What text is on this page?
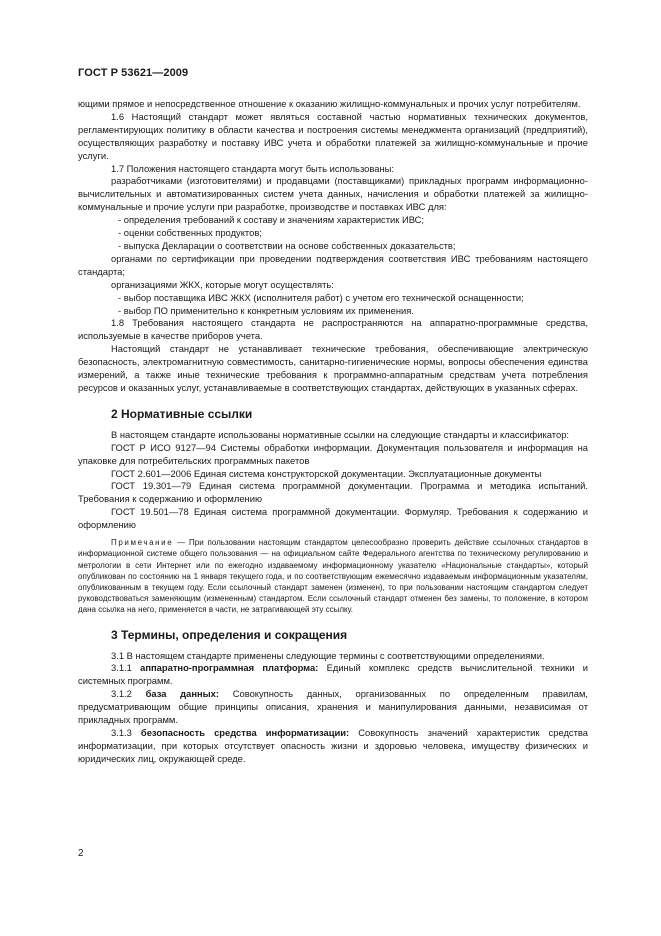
ГОСТ Р 53621—2009

ющими прямое и непосредственное отношение к оказанию жилищно-коммунальных и прочих услуг потребителям.

1.6 Настоящий стандарт может являться составной частью нормативных технических документов, регламентирующих политику в области качества и построения системы менеджмента организаций (предприятий), осуществляющих разработку и поставку ИВС учета и обработки платежей за жилищно-коммунальные и прочие услуги.

1.7 Положения настоящего стандарта могут быть использованы:

разработчиками (изготовителями) и продавцами (поставщиками) прикладных программ информационно-вычислительных и автоматизированных систем учета данных, начисления и обработки платежей за жилищно-коммунальные и прочие услуги при разработке, производстве и поставках ИВС для:

- определения требований к составу и значениям характеристик ИВС;

- оценки собственных продуктов;

- выпуска Декларации о соответствии на основе собственных доказательств;

органами по сертификации при проведении подтверждения соответствия ИВС требованиям настоящего стандарта;

организациями ЖКХ, которые могут осуществлять:

- выбор поставщика ИВС ЖКХ (исполнителя работ) с учетом его технической оснащенности;

- выбор ПО применительно к конкретным условиям их применения.

1.8 Требования настоящего стандарта не распространяются на аппаратно-программные средства, используемые в качестве приборов учета.

Настоящий стандарт не устанавливает технические требования, обеспечивающие электрическую безопасность, электромагнитную совместимость, санитарно-гигиенические нормы, вопросы обеспечения единства измерений, а также иные технические требования к программно-аппаратным средствам учета потребления ресурсов и оказанных услуг, устанавливаемые в соответствующих стандартах, действующих в указанных сферах.

2 Нормативные ссылки

В настоящем стандарте использованы нормативные ссылки на следующие стандарты и классификатор:

ГОСТ Р ИСО 9127—94 Системы обработки информации. Документация пользователя и информация на упаковке для потребительских программных пакетов

ГОСТ 2.601—2006 Единая система конструкторской документации. Эксплуатационные документы

ГОСТ 19.301—79 Единая система программной документации. Программа и методика испытаний. Требования к содержанию и оформлению

ГОСТ 19.501—78 Единая система программной документации. Формуляр. Требования к содержанию и оформлению

Примечание — При пользовании настоящим стандартом целесообразно проверить действие ссылочных стандартов в информационной системе общего пользования — на официальном сайте Федерального агентства по техническому регулированию и метрологии в сети Интернет или по ежегодно издаваемому информационному указателю «Национальные стандарты», который опубликован по состоянию на 1 января текущего года, и по соответствующим ежемесячно издаваемым информационным указателям, опубликованным в текущем году. Если ссылочный стандарт заменен (изменен), то при пользовании настоящим стандартом следует руководствоваться заменяющим (измененным) стандартом. Если ссылочный стандарт отменен без замены, то положение, в котором дана ссылка на него, применяется в части, не затрагивающей эту ссылку.

3 Термины, определения и сокращения

3.1 В настоящем стандарте применены следующие термины с соответствующими определениями.

3.1.1 аппаратно-программная платформа: Единый комплекс средств вычислительной техники и системных программ.

3.1.2 база данных: Совокупность данных, организованных по определенным правилам, предусматривающим общие принципы описания, хранения и манипулирования данными, независимая от прикладных программ.

3.1.3 безопасность средства информатизации: Совокупность значений характеристик средства информатизации, при которых отсутствует опасность жизни и здоровью человека, имуществу физических и юридических лиц, окружающей среде.

2
